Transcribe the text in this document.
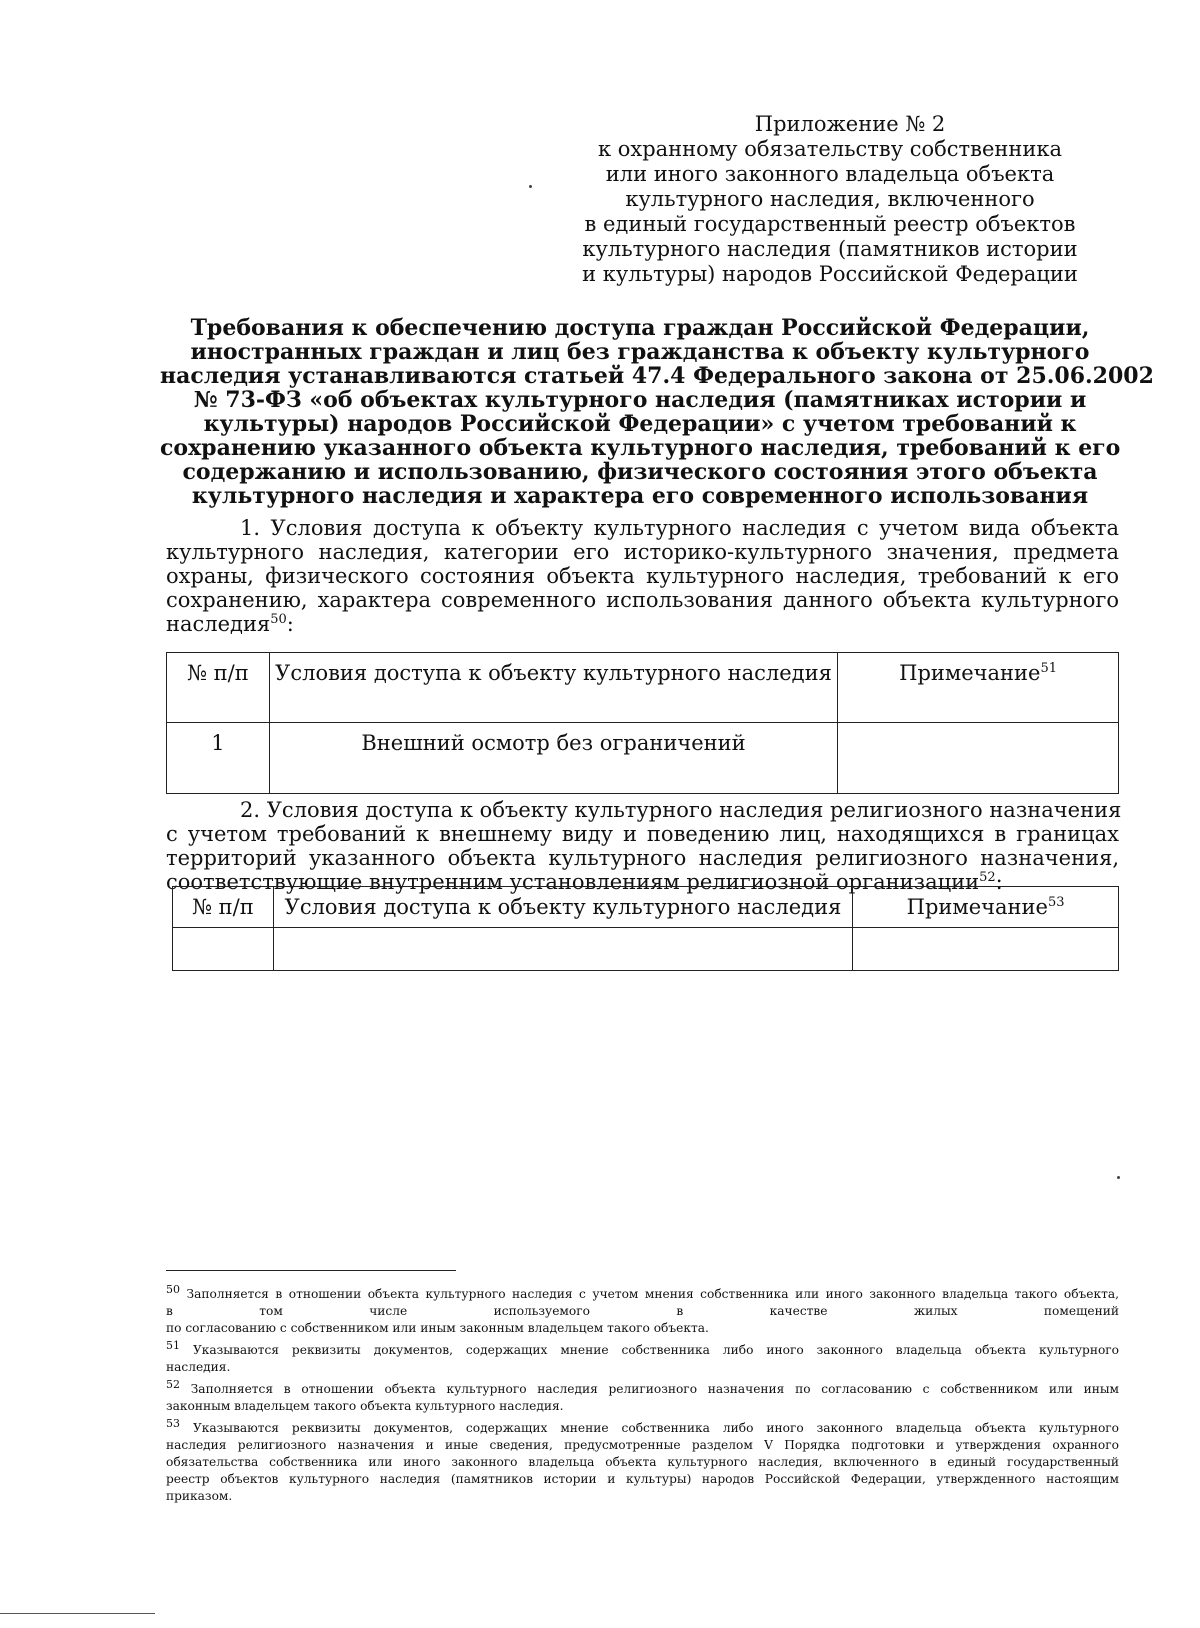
Приложение № 2
к охранному обязательству собственника
или иного законного владельца объекта
культурного наследия, включенного
в единый государственный реестр объектов
культурного наследия (памятников истории
и культуры) народов Российской Федерации
Требования к обеспечению доступа граждан Российской Федерации,
иностранных граждан и лиц без гражданства к объекту культурного
наследия устанавливаются статьей 47.4 Федерального закона от 25.06.2002
№ 73-ФЗ «об объектах культурного наследия (памятниках истории и
культуры) народов Российской Федерации» с учетом требований к
сохранению указанного объекта культурного наследия, требований к его
содержанию и использованию, физического состояния этого объекта
культурного наследия и характера его современного использования
1. Условия доступа к объекту культурного наследия с учетом вида объекта
культурного наследия, категории его историко-культурного значения, предмета
охраны, физического состояния объекта культурного наследия, требований к его
сохранению, характера современного использования данного объекта культурного
наследия$^{50}$:
№ п/п	Условия доступа к объекту культурного наследия	Примечание$^{51}$
1	Внешний осмотр без ограничений	
2. Условия доступа к объекту культурного наследия религиозного назначения
с учетом требований к внешнему виду и поведению лиц, находящихся в границах
территорий указанного объекта культурного наследия религиозного назначения,
соответствующие внутренним установлениям религиозной организации$^{52}$:
№ п/п	Условия доступа к объекту культурного наследия	Примечание$^{53}$

$^{50}$ Заполняется в отношении объекта культурного наследия с учетом мнения собственника или иного законного владельца такого объекта,
в том числе используемого в качестве жилых помещений
по согласованию с собственником или иным законным владельцем такого объекта.
$^{51}$ Указываются реквизиты документов, содержащих мнение собственника либо иного законного владельца объекта культурного
наследия.
$^{52}$ Заполняется в отношении объекта культурного наследия религиозного назначения по согласованию с собственником или иным
законным владельцем такого объекта культурного наследия.
$^{53}$ Указываются реквизиты документов, содержащих мнение собственника либо иного законного владельца объекта культурного
наследия религиозного назначения и иные сведения, предусмотренные разделом V Порядка подготовки и утверждения охранного
обязательства собственника или иного законного владельца объекта культурного наследия, включенного в единый государственный
реестр объектов культурного наследия (памятников истории и культуры) народов Российской Федерации, утвержденного настоящим
приказом.
